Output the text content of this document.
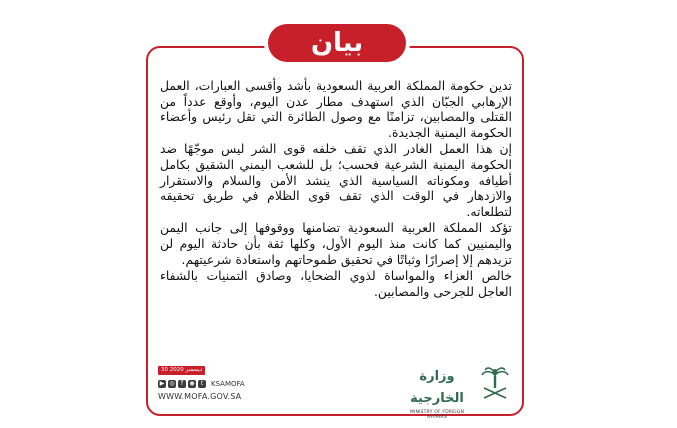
بيان

تدين حكومة المملكة العربية السعودية بأشد وأقسى العبارات، العمل الإرهابي الجبّان الذي استهدف مطار عدن اليوم، وأوقع عدداً من القتلى والمصابين، تزامنًا مع وصول الطائرة التي تقل رئيس وأعضاء الحكومة اليمنية الجديدة.

إن هذا العمل الغادر الذي تقف خلفه قوى الشر ليس موجّهًا ضد الحكومة اليمنية الشرعية فحسب؛ بل للشعب اليمني الشقيق بكامل أطيافه ومكوناته السياسية الذي ينشد الأمن والسلام والاستقرار والازدهار في الوقت الذي تقف قوى الظلام في طريق تحقيقه لتطلعاته.

تؤكد المملكة العربية السعودية تضامنها ووقوفها إلى جانب اليمن واليمنيين كما كانت منذ اليوم الأول، وكلها ثقة بأن حادثة اليوم لن تزيدهم إلا إصرارًا وثباتًا في تحقيق طموحاتهم واستعادة شرعيتهم.

خالص العزاء والمواساة لذوي الضحايا، وصادق التمنيات بالشفاء العاجل للجرحى والمصابين.

30 ديسمبر 2020
▶ ◎	f	◉	t	KSAMOFA
WWW.MOFA.GOV.SA
وزارة الخارجية
MINISTRY OF FOREIGN AFFAIRS
